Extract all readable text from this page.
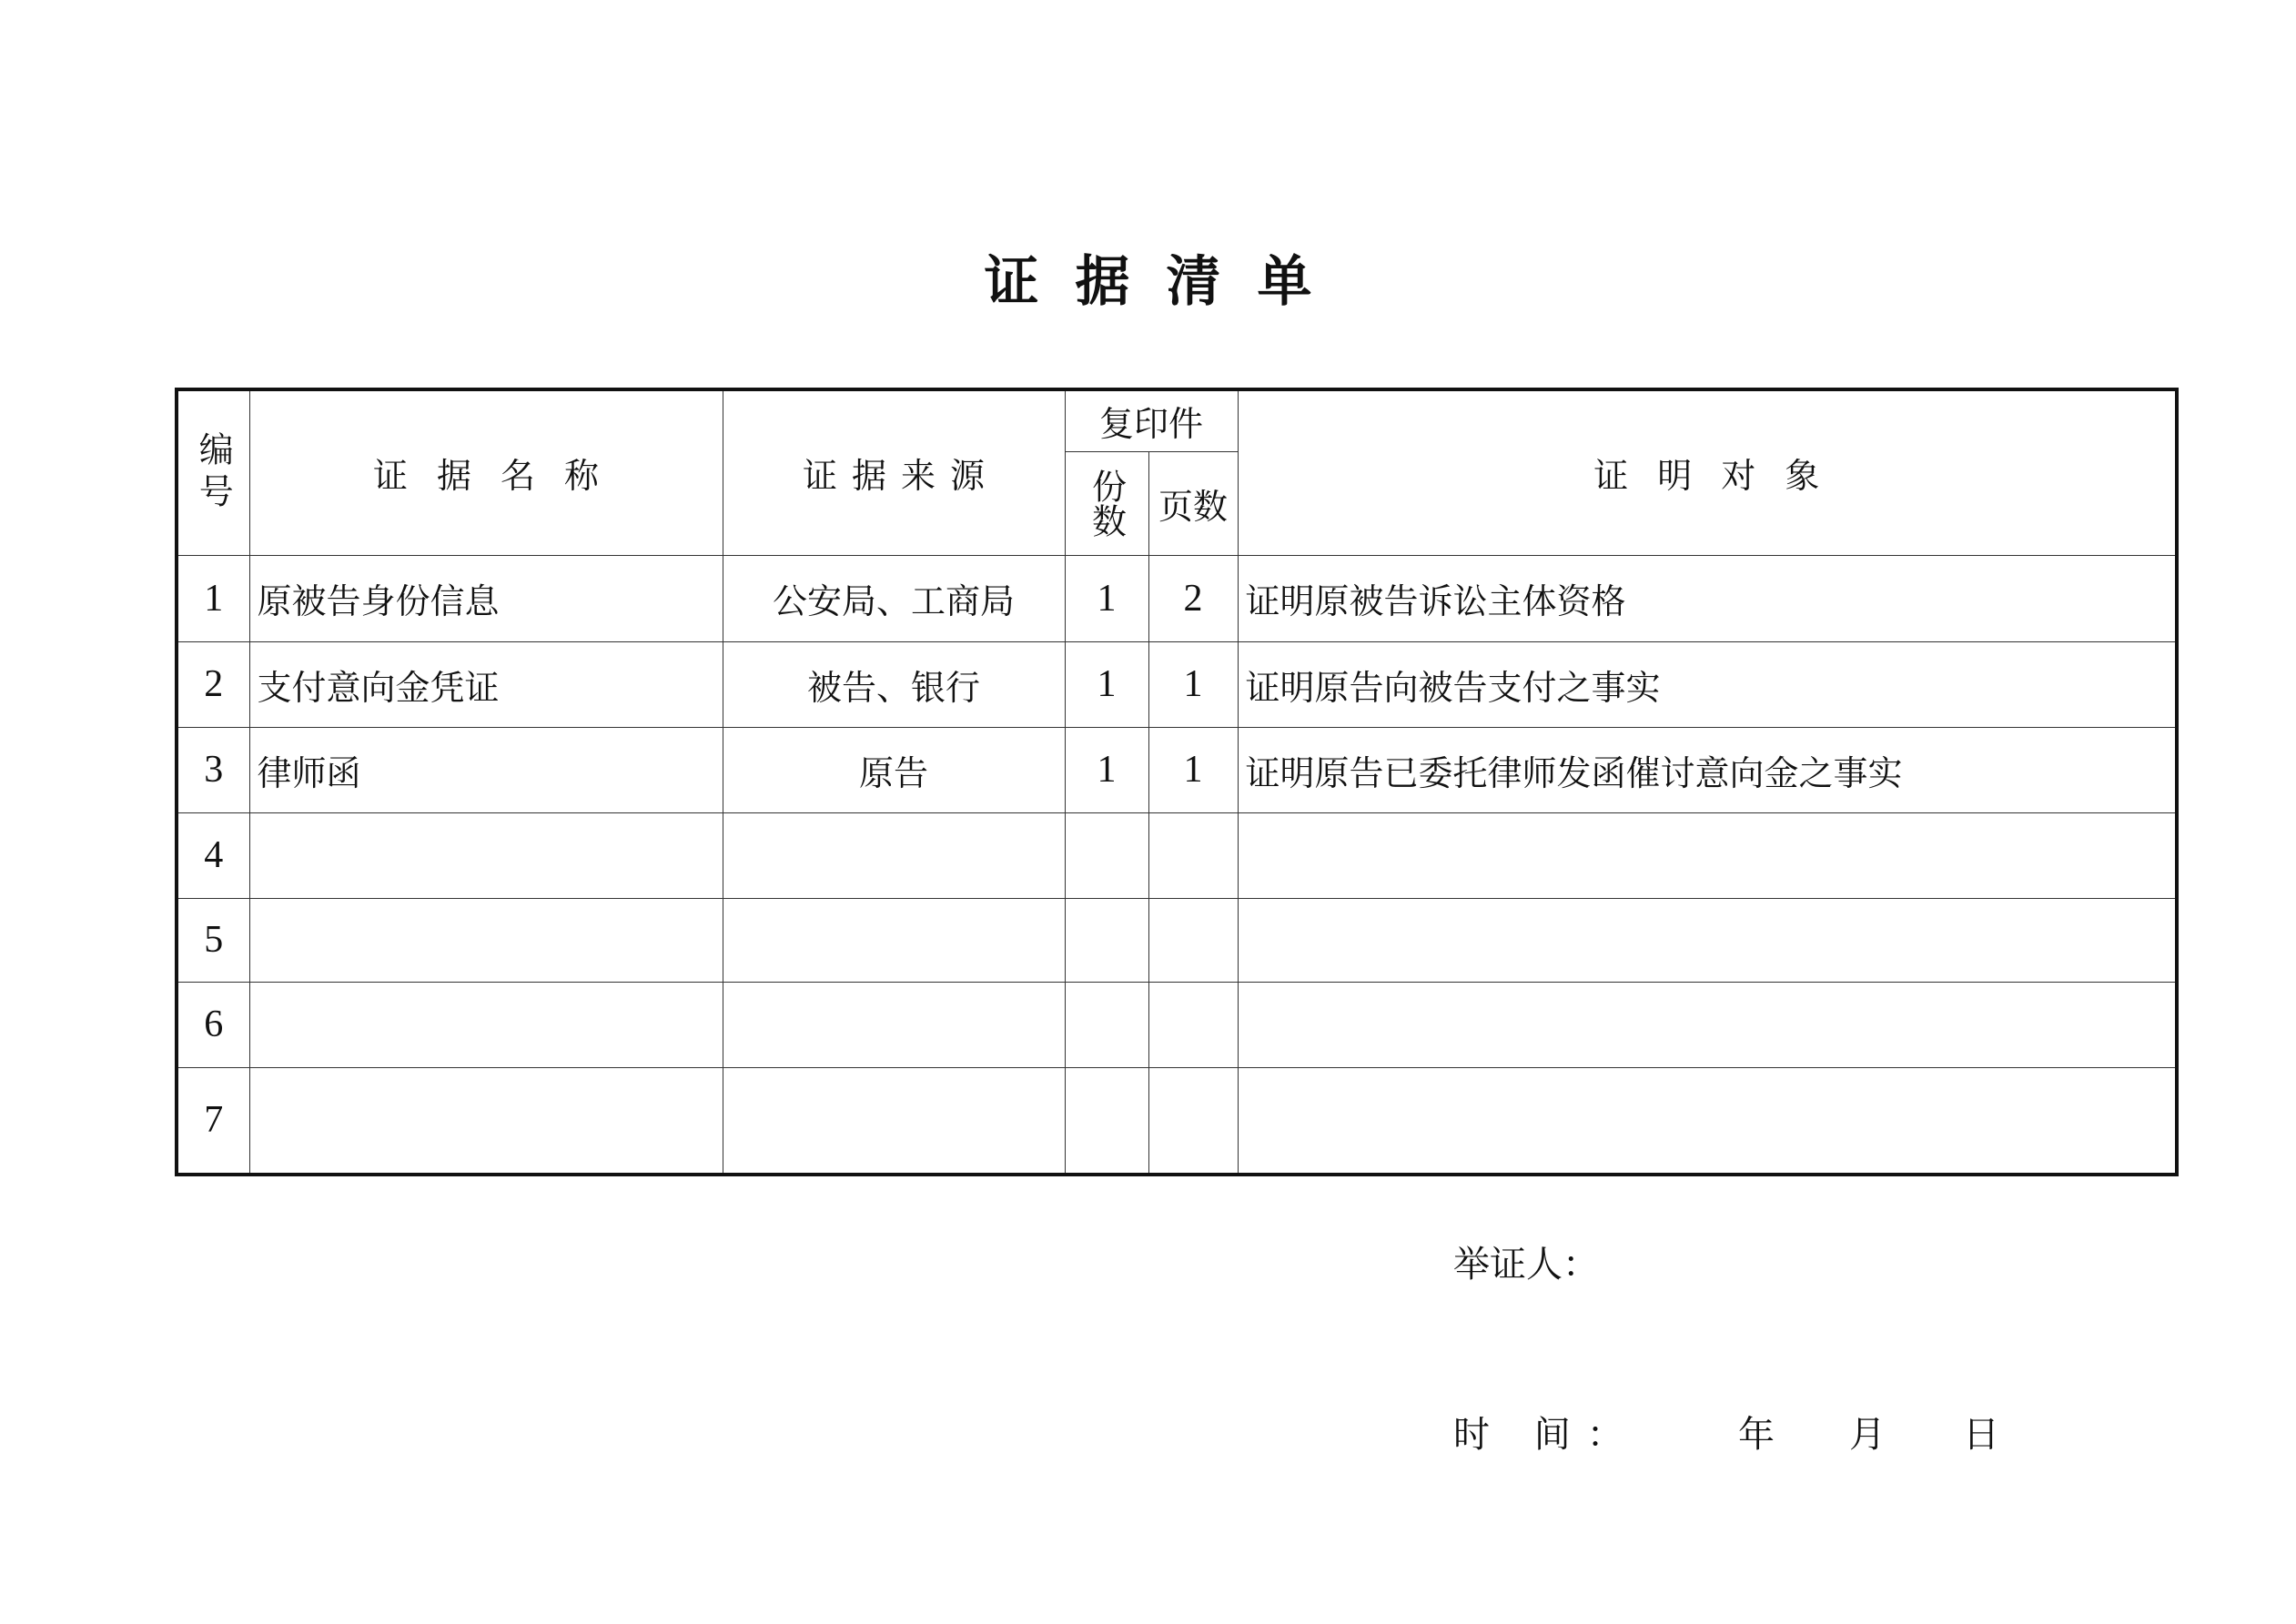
证据清单
编号	证据名称	证据来源	复印件		证明对象

			份数	页数	
1	原被告身份信息	公安局、工商局	1	2	证明原被告诉讼主体资格
2	支付意向金凭证	被告、银行	1	1	证明原告向被告支付之事实
3	律师函	原告	1	1	证明原告已委托律师发函催讨意向金之事实
4					
5					
6					
7					
举证人：
时 间：	年 月 日
